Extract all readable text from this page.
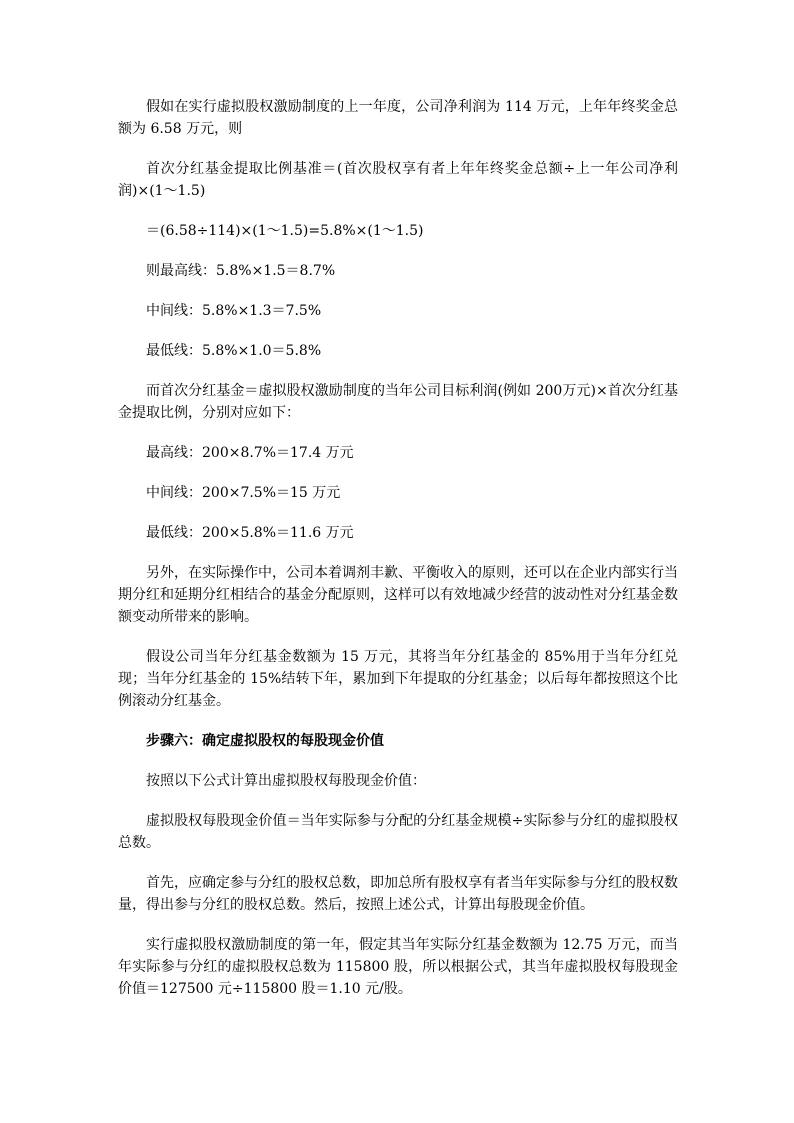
假如在实行虚拟股权激励制度的上一年度，公司净利润为 114 万元，上年年终奖金总额为 6.58 万元，则

首次分红基金提取比例基准＝(首次股权享有者上年年终奖金总额÷上一年公司净利润)×(1～1.5)

＝(6.58÷114)×(1～1.5)=5.8%×(1～1.5)

则最高线：5.8%×1.5＝8.7%

中间线：5.8%×1.3＝7.5%

最低线：5.8%×1.0＝5.8%

而首次分红基金＝虚拟股权激励制度的当年公司目标利润(例如 200万元)×首次分红基金提取比例，分别对应如下：

最高线：200×8.7%＝17.4 万元

中间线：200×7.5%＝15 万元

最低线：200×5.8%＝11.6 万元

另外，在实际操作中，公司本着调剂丰歉、平衡收入的原则，还可以在企业内部实行当期分红和延期分红相结合的基金分配原则，这样可以有效地减少经营的波动性对分红基金数额变动所带来的影响。

假设公司当年分红基金数额为 15 万元，其将当年分红基金的 85%用于当年分红兑现；当年分红基金的 15%结转下年，累加到下年提取的分红基金；以后每年都按照这个比例滚动分红基金。

步骤六：确定虚拟股权的每股现金价值

按照以下公式计算出虚拟股权每股现金价值：

虚拟股权每股现金价值＝当年实际参与分配的分红基金规模÷实际参与分红的虚拟股权总数。

首先，应确定参与分红的股权总数，即加总所有股权享有者当年实际参与分红的股权数量，得出参与分红的股权总数。然后，按照上述公式，计算出每股现金价值。

实行虚拟股权激励制度的第一年，假定其当年实际分红基金数额为 12.75 万元，而当年实际参与分红的虚拟股权总数为 115800 股，所以根据公式，其当年虚拟股权每股现金价值＝127500 元÷115800 股＝1.10 元/股。
